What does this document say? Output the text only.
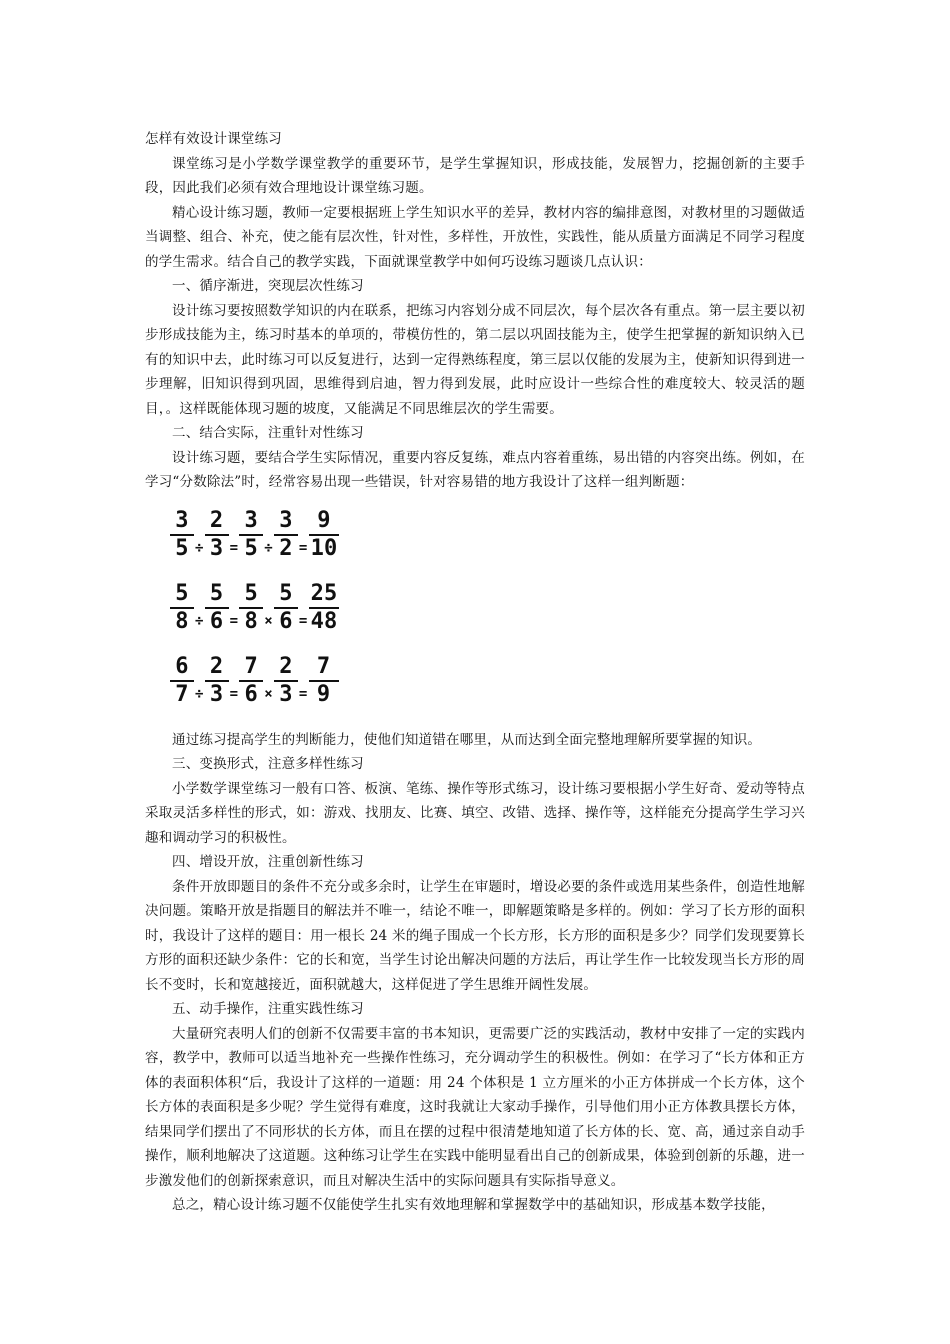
怎样有效设计课堂练习

课堂练习是小学数学课堂教学的重要环节，是学生掌握知识，形成技能，发展智力，挖掘创新的主要手段，因此我们必须有效合理地设计课堂练习题。

精心设计练习题，教师一定要根据班上学生知识水平的差异，教材内容的编排意图，对教材里的习题做适当调整、组合、补充，使之能有层次性，针对性，多样性，开放性，实践性，能从质量方面满足不同学习程度的学生需求。结合自己的教学实践，下面就课堂教学中如何巧设练习题谈几点认识：

一、循序渐进，突现层次性练习

设计练习要按照数学知识的内在联系，把练习内容划分成不同层次，每个层次各有重点。第一层主要以初步形成技能为主，练习时基本的单项的，带模仿性的，第二层以巩固技能为主，使学生把掌握的新知识纳入已有的知识中去，此时练习可以反复进行，达到一定得熟练程度，第三层以仅能的发展为主，使新知识得到进一步理解，旧知识得到巩固，思维得到启迪，智力得到发展，此时应设计一些综合性的难度较大、较灵活的题目，。这样既能体现习题的坡度，又能满足不同思维层次的学生需要。

二、结合实际，注重针对性练习

设计练习题，要结合学生实际情况，重要内容反复练，难点内容着重练，易出错的内容突出练。例如，在学习“分数除法”时，经常容易出现一些错误，针对容易错的地方我设计了这样一组判断题：

$\frac{3}{5} \div \frac{2}{3} = \frac{3}{5} \div \frac{3}{2} = \frac{9}{10}$
$\frac{5}{8} \div \frac{5}{6} = \frac{5}{8} \times \frac{5}{6} = \frac{25}{48}$
$\frac{6}{7} \div \frac{2}{3} = \frac{7}{6} \times \frac{2}{3} = \frac{7}{9}$

通过练习提高学生的判断能力，使他们知道错在哪里，从而达到全面完整地理解所要掌握的知识。

三、变换形式，注意多样性练习

小学数学课堂练习一般有口答、板演、笔练、操作等形式练习，设计练习要根据小学生好奇、爱动等特点采取灵活多样性的形式，如：游戏、找朋友、比赛、填空、改错、选择、操作等，这样能充分提高学生学习兴趣和调动学习的积极性。

四、增设开放，注重创新性练习

条件开放即题目的条件不充分或多余时，让学生在审题时，增设必要的条件或选用某些条件，创造性地解决问题。策略开放是指题目的解法并不唯一，结论不唯一，即解题策略是多样的。例如：学习了长方形的面积时，我设计了这样的题目：用一根长 24 米的绳子围成一个长方形，长方形的面积是多少？同学们发现要算长方形的面积还缺少条件：它的长和宽，当学生讨论出解决问题的方法后，再让学生作一比较发现当长方形的周长不变时，长和宽越接近，面积就越大，这样促进了学生思维开阔性发展。

五、动手操作，注重实践性练习

大量研究表明人们的创新不仅需要丰富的书本知识，更需要广泛的实践活动，教材中安排了一定的实践内容，教学中，教师可以适当地补充一些操作性练习，充分调动学生的积极性。例如：在学习了“长方体和正方体的表面积体积“后，我设计了这样的一道题：用 24 个体积是 1 立方厘米的小正方体拼成一个长方体，这个长方体的表面积是多少呢？学生觉得有难度，这时我就让大家动手操作，引导他们用小正方体教具摆长方体，结果同学们摆出了不同形状的长方体，而且在摆的过程中很清楚地知道了长方体的长、宽、高，通过亲自动手操作，顺利地解决了这道题。这种练习让学生在实践中能明显看出自己的创新成果，体验到创新的乐趣，进一步激发他们的创新探索意识，而且对解决生活中的实际问题具有实际指导意义。

总之，精心设计练习题不仅能使学生扎实有效地理解和掌握数学中的基础知识，形成基本数学技能，
